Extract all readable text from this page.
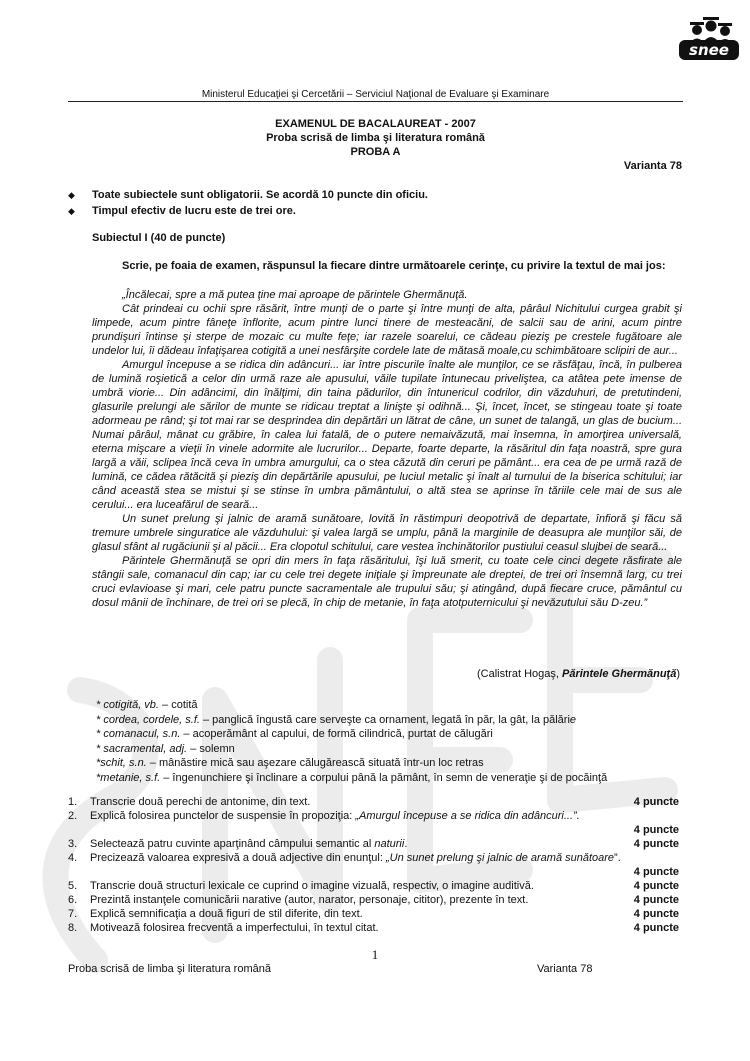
snee
Ministerul Educaţiei şi Cercetării – Serviciul Naţional de Evaluare şi Examinare
EXAMENUL DE BACALAUREAT - 2007
Proba scrisă de limba şi literatura română
PROBA A
Varianta 78
◆ Toate subiectele sunt obligatorii. Se acordă 10 puncte din oficiu.
◆ Timpul efectiv de lucru este de trei ore.
Subiectul I (40 de puncte)
Scrie, pe foaia de examen, răspunsul la fiecare dintre următoarele cerinţe, cu privire la textul de mai jos:

„Încălecai, spre a mă putea ţine mai aproape de părintele Ghermănuţă.

Cât prindeai cu ochii spre răsărit, între munţi de o parte şi între munţi de alta, pârâul Nichitului curgea grabit şi limpede, acum pintre fâneţe înflorite, acum pintre lunci tinere de mesteacăni, de salcii sau de arini, acum pintre prundişuri întinse şi sterpe de mozaic cu multe feţe; iar razele soarelui, ce cădeau pieziş pe crestele fugătoare ale undelor lui, îi dădeau înfaţişarea cotigită a unei nesfârşite cordele late de mătasă moale,cu schimbătoare sclipiri de aur...

Amurgul începuse a se ridica din adâncuri... iar între piscurile înalte ale munţilor, ce se răsfăţau, încă, în pulberea de lumină roşietică a celor din urmă raze ale apusului, văile tupilate întunecau priveliştea, ca atâtea pete imense de umbră viorie... Din adâncimi, din înălţimi, din taina pădurilor, din întunericul codrilor, din văzduhuri, de pretutindeni, glasurile prelungi ale sărilor de munte se ridicau treptat a linişte şi odihnă... Şi, încet, încet, se stingeau toate şi toate adormeau pe rând; şi tot mai rar se desprindea din depărtări un lătrat de câne, un sunet de talangă, un glas de bucium... Numai pârâul, mânat cu grăbire, în calea lui fatală, de o putere nemaivăzută, mai însemna, în amorţirea universală, eterna mişcare a vieţii în vinele adormite ale lucrurilor... Departe, foarte departe, la răsăritul din faţa noastră, spre gura largă a văii, sclipea încă ceva în umbra amurgului, ca o stea căzută din ceruri pe pământ... era cea de pe urmă rază de lumină, ce cădea rătăcită şi pieziş din depărtările apusului, pe luciul metalic şi înalt al turnului de la biserica schitului; iar când această stea se mistui şi se stinse în umbra pământului, o altă stea se aprinse în tăriile cele mai de sus ale cerului... era luceafărul de seară...

Un sunet prelung şi jalnic de aramă sunătoare, lovită în răstimpuri deopotrivă de departate, înfioră şi făcu să tremure umbrele singuratice ale văzduhului: şi valea largă se umplu, până la marginile de deasupra ale munţilor săi, de glasul sfânt al rugăciunii şi al păcii... Era clopotul schitului, care vestea închinătorilor pustiului ceasul slujbei de seară...

Părintele Ghermănuţă se opri din mers în faţa răsăritului, îşi luă smerit, cu toate cele cinci degete răsfirate ale stângii sale, comanacul din cap; iar cu cele trei degete iniţiale şi împreunate ale dreptei, de trei ori însemnă larg, cu trei cruci evlavioase şi mari, cele patru puncte sacramentale ale trupului său; şi atingând, după fiecare cruce, pământul cu dosul mânii de închinare, de trei ori se plecă, în chip de metanie, în faţa atotputernicului şi nevăzutului său D-zeu.”

(Calistrat Hogaş, Părintele Ghermănuţă)
* cotigită, vb. – cotită
* cordea, cordele, s.f. – panglică îngustă care serveşte ca ornament, legată în păr, la gât, la pălărie
* comanacul, s.n. – acoperământ al capului, de formă cilindrică, purtat de călugări
* sacramental, adj. – solemn
*schit, s.n. – mânăstire mică sau aşezare călugărească situată într-un loc retras
*metanie, s.f. – îngenunchiere şi înclinare a corpului până la pământ, în semn de veneraţie şi de pocăinţă
1. Transcrie două perechi de antonime, din text.	4 puncte
2. Explică folosirea punctelor de suspensie în propoziţia: „Amurgul începuse a se ridica din adâncuri...”.
4 puncte
3. Selectează patru cuvinte aparţinând câmpului semantic al naturii.	4 puncte
4. Precizează valoarea expresivă a două adjective din enunţul: „Un sunet prelung şi jalnic de aramă sunătoare”.
4 puncte
5. Transcrie două structuri lexicale ce cuprind o imagine vizuală, respectiv, o imagine auditivă.	4 puncte
6. Prezintă instanţele comunicării narative (autor, narator, personaje, cititor), prezente în text.	4 puncte
7. Explică semnificaţia a două figuri de stil diferite, din text.	4 puncte
8. Motivează folosirea frecventă a imperfectului, în textul citat.	4 puncte
1
Proba scrisă de limba şi literatura română	Varianta 78
